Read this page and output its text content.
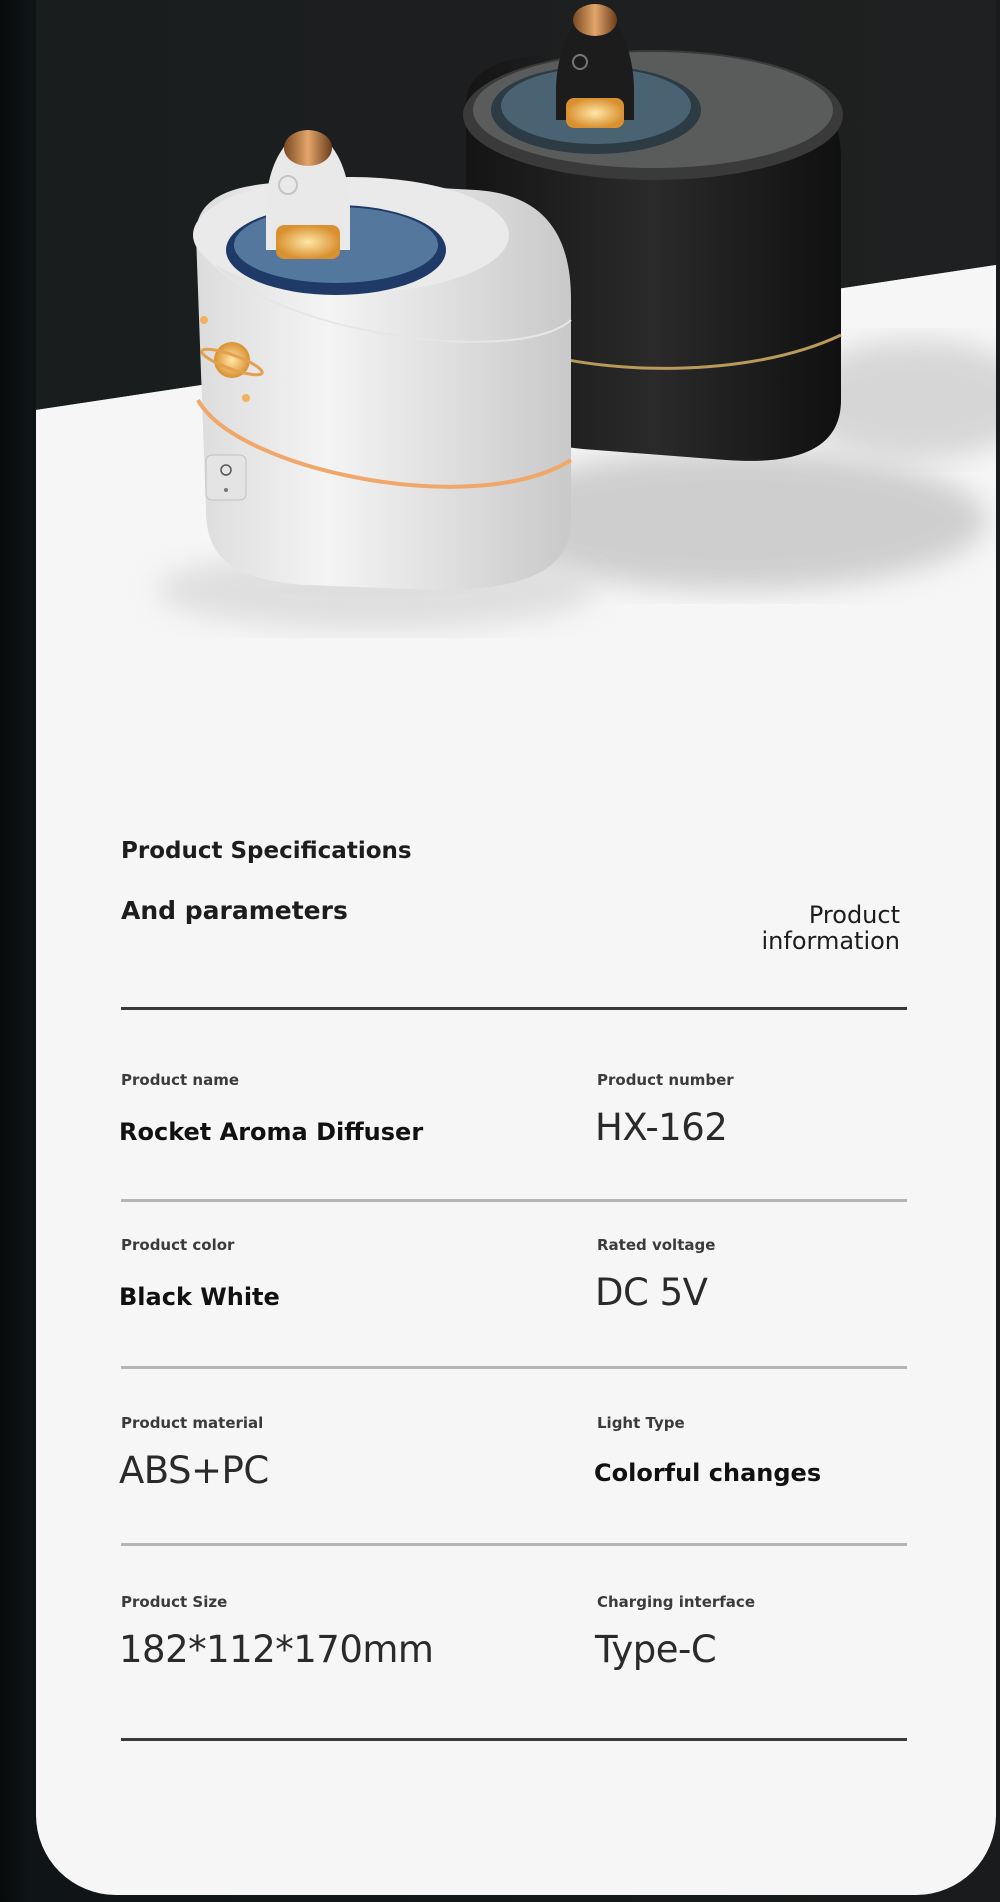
Product Specifications
And parameters	Product
information
Product name
Rocket Aroma Diffuser
Product number
HX-162
Product color
Black White
Rated voltage
DC 5V
Product material
ABS+PC
Light Type
Colorful changes
Product Size
182*112*170mm
Charging interface
Type-C
